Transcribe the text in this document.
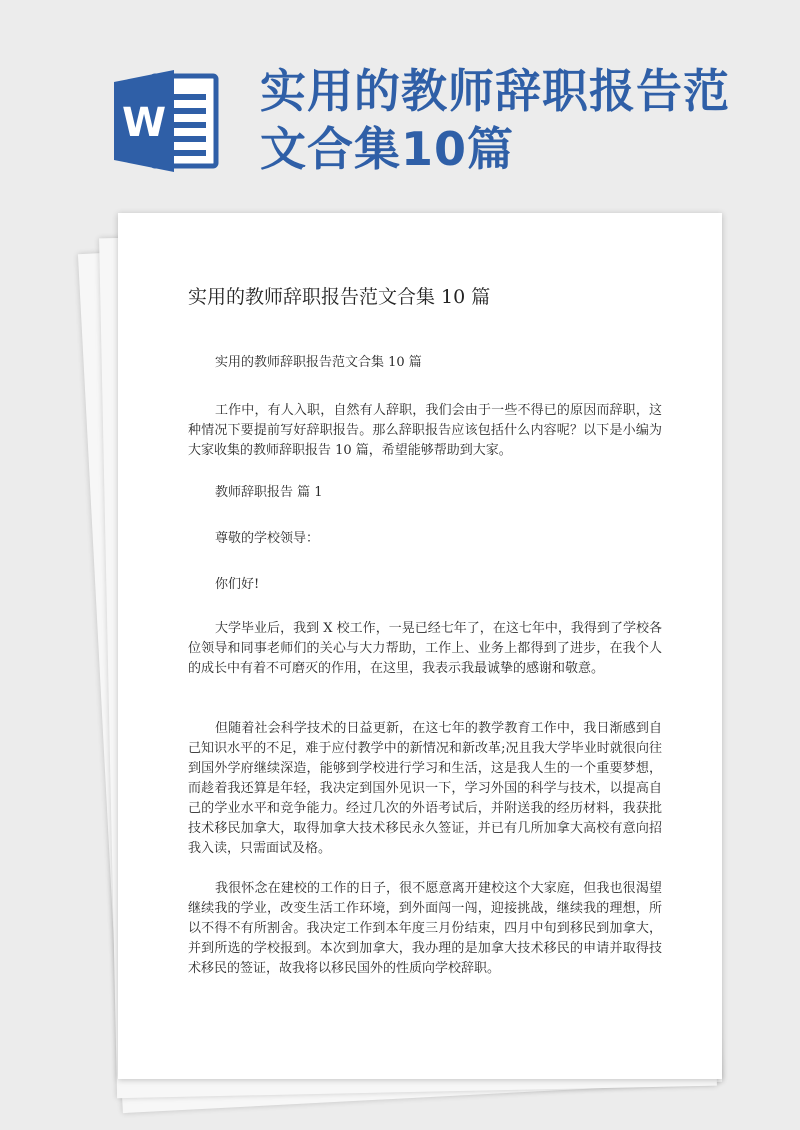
W
实用的教师辞职报告范文合集10篇
实用的教师辞职报告范文合集 10 篇
实用的教师辞职报告范文合集 10 篇
工作中，有人入职，自然有人辞职，我们会由于一些不得已的原因而辞职，这种情况下要提前写好辞职报告。那么辞职报告应该包括什么内容呢？以下是小编为大家收集的教师辞职报告 10 篇，希望能够帮助到大家。
教师辞职报告 篇 1
尊敬的学校领导：
你们好!
大学毕业后，我到 X 校工作，一晃已经七年了，在这七年中，我得到了学校各位领导和同事老师们的关心与大力帮助，工作上、业务上都得到了进步，在我个人的成长中有着不可磨灭的作用，在这里，我表示我最诚挚的感谢和敬意。
但随着社会科学技术的日益更新，在这七年的教学教育工作中，我日渐感到自己知识水平的不足，难于应付教学中的新情况和新改革;况且我大学毕业时就很向往到国外学府继续深造，能够到学校进行学习和生活，这是我人生的一个重要梦想，而趁着我还算是年轻，我决定到国外见识一下，学习外国的科学与技术，以提高自己的学业水平和竞争能力。经过几次的外语考试后，并附送我的经历材料，我获批技术移民加拿大，取得加拿大技术移民永久签证，并已有几所加拿大高校有意向招我入读，只需面试及格。
我很怀念在建校的工作的日子，很不愿意离开建校这个大家庭，但我也很渴望继续我的学业，改变生活工作环境，到外面闯一闯，迎接挑战，继续我的理想，所以不得不有所割舍。我决定工作到本年度三月份结束，四月中旬到移民到加拿大，并到所选的学校报到。本次到加拿大，我办理的是加拿大技术移民的申请并取得技术移民的签证，故我将以移民国外的性质向学校辞职。
